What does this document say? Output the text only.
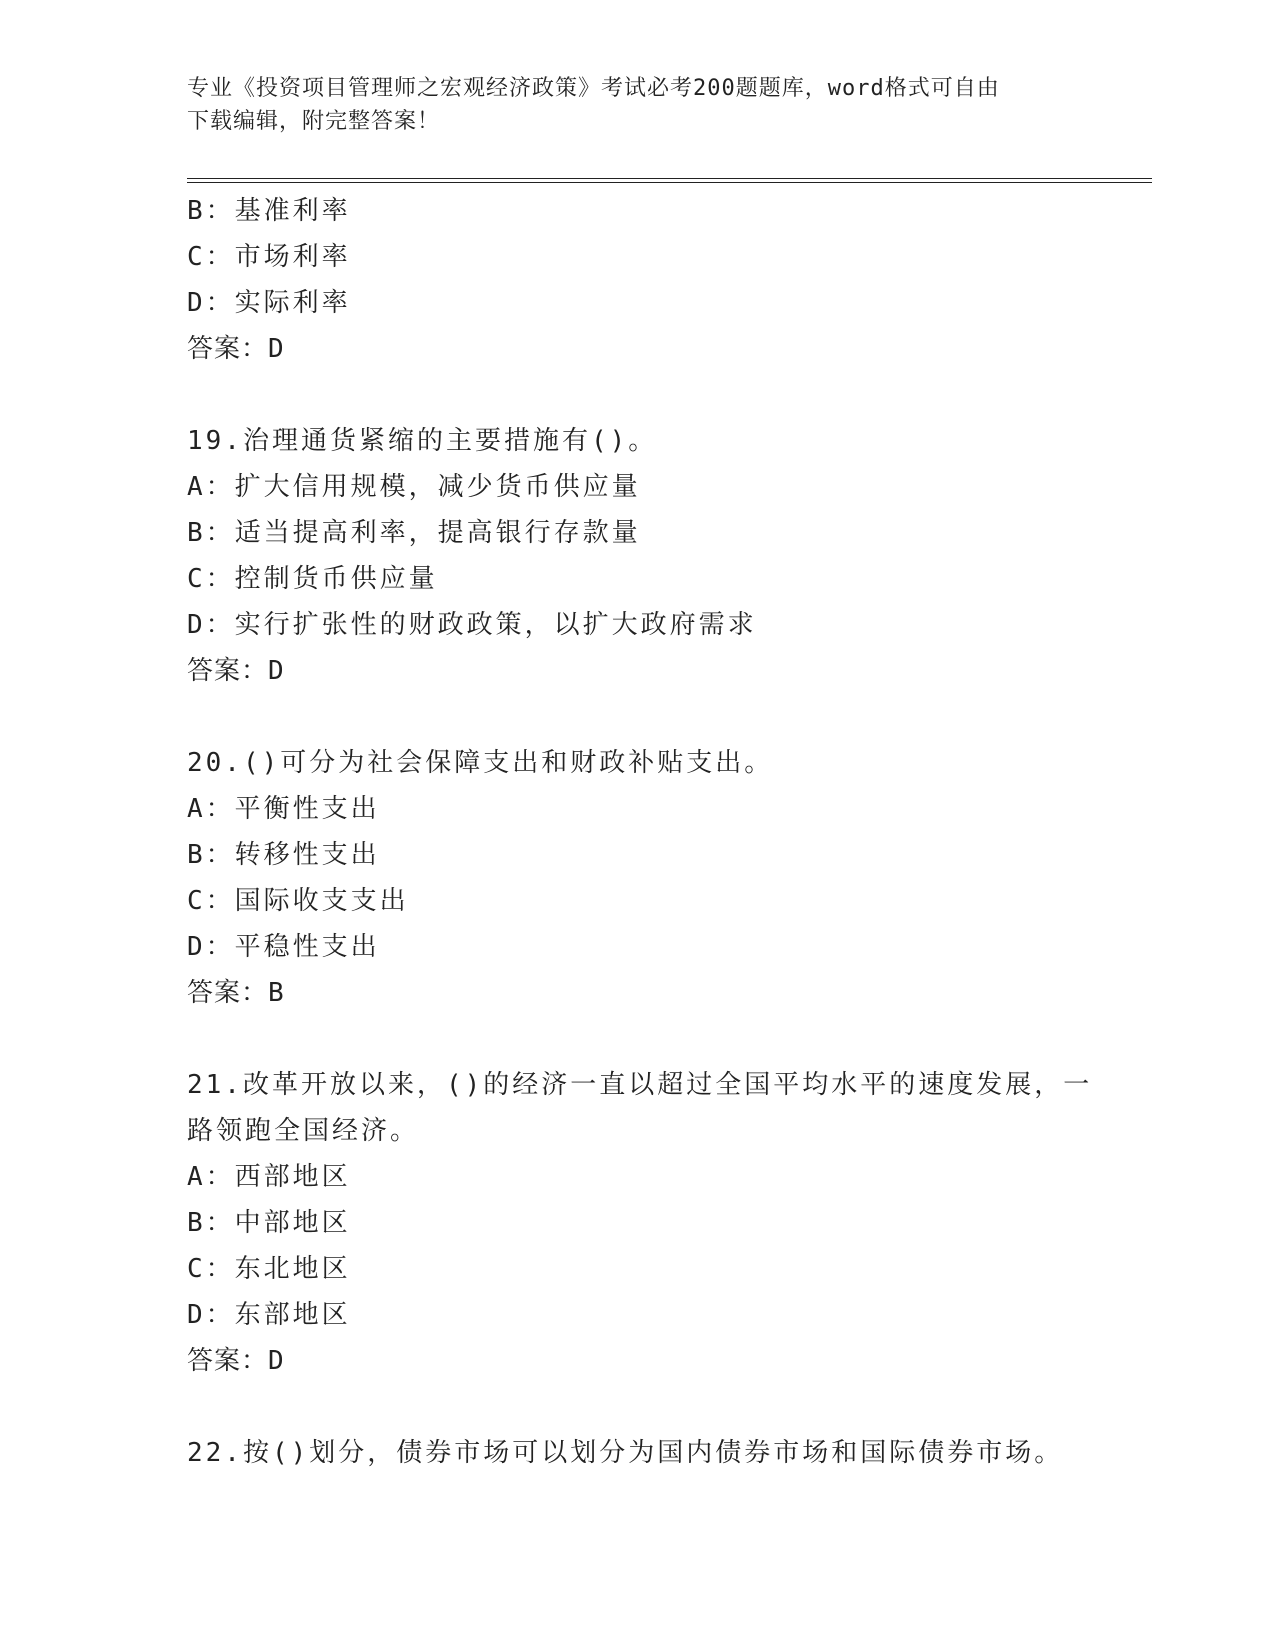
专业《投资项目管理师之宏观经济政策》考试必考200题题库，word格式可自由
下载编辑，附完整答案！
B：基准利率
C：市场利率
D：实际利率
答案：D
19.治理通货紧缩的主要措施有()。
A：扩大信用规模，减少货币供应量
B：适当提高利率，提高银行存款量
C：控制货币供应量
D：实行扩张性的财政政策，以扩大政府需求
答案：D
20.()可分为社会保障支出和财政补贴支出。
A：平衡性支出
B：转移性支出
C：国际收支支出
D：平稳性支出
答案：B
21.改革开放以来，()的经济一直以超过全国平均水平的速度发展，一
路领跑全国经济。
A：西部地区
B：中部地区
C：东北地区
D：东部地区
答案：D
22.按()划分，债券市场可以划分为国内债券市场和国际债券市场。
